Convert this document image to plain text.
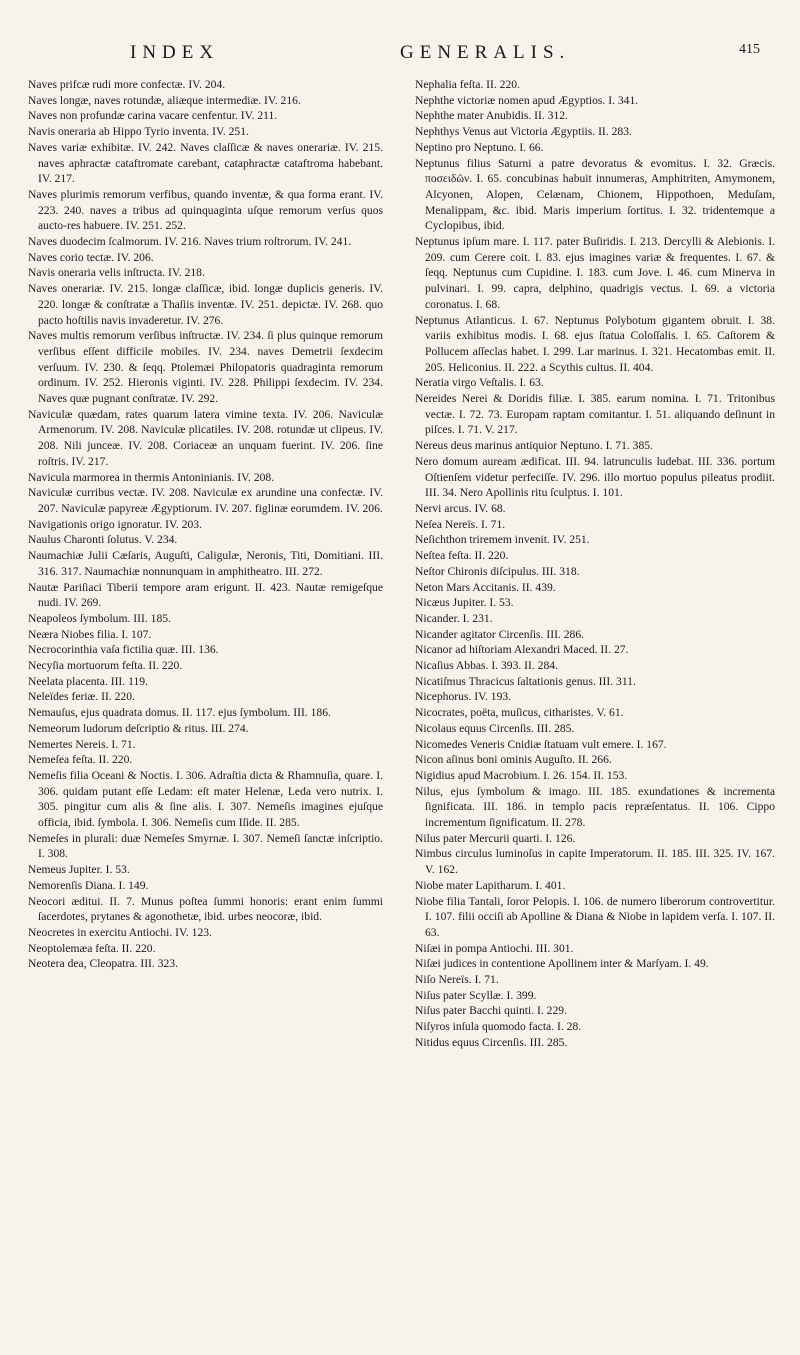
INDEX	GENERALIS.	415
Naves prifcæ rudi more confectæ. IV. 204.
Naves longæ, naves rotundæ, aliæque intermediæ. IV. 216.
Naves non profundæ carina vacare cenfentur. IV. 211.
Navis oneraria ab Hippo Tyrio inventa. IV. 251.
Naves variæ exhibitæ. IV. 242. Naves claſſicæ & naves onerariæ. IV. 215. naves aphractæ cataftromate carebant, cataphractæ cataftroma habebant. IV. 217.
Naves plurimis remorum verfibus, quando inventæ, & qua forma erant. IV. 223. 240. naves a tribus ad quinquaginta uſque remorum verſus quos aucto-res habuere. IV. 251. 252.
Naves duodecim ſcalmorum. IV. 216. Naves trium roſtrorum. IV. 241.
Naves corio tectæ. IV. 206.
Navis oneraria velis inſtructa. IV. 218.
Naves onerariæ. IV. 215. longæ claſſicæ, ibid. longæ duplicis generis. IV. 220. longæ & conſtratæ a Thaſiis inventæ. IV. 251. depictæ. IV. 268. quo pacto hoſtilis navis invaderetur. IV. 276.
Naves multis remorum verſibus inſtructæ. IV. 234. ſi plus quinque remorum verſibus eſſent difficile mobiles. IV. 234. naves Demetrii ſexdecim verſuum. IV. 230. & ſeqq. Ptolemæi Philopatoris quadraginta remorum ordinum. IV. 252. Hieronis viginti. IV. 228. Philippi ſexdecim. IV. 234. Naves quæ pugnant conſtratæ. IV. 292.
Naviculæ quædam, rates quarum latera vimine texta. IV. 206. Naviculæ Armenorum. IV. 208. Naviculæ plicatiles. IV. 208. rotundæ ut clipeus. IV. 208. Nili junceæ. IV. 208. Coriaceæ an unquam fuerint. IV. 206. ſine roſtris. IV. 217.
Navicula marmorea in thermis Antoninianis. IV. 208.
Naviculæ curribus vectæ. IV. 208. Naviculæ ex arundine una confectæ. IV. 207. Naviculæ papyreæ Ægyptiorum. IV. 207. figlinæ eorumdem. IV. 206.
Navigationis origo ignoratur. IV. 203.
Naulus Charonti ſolutus. V. 234.
Naumachiæ Julii Cæſaris, Auguſti, Caligulæ, Neronis, Titi, Domitiani. III. 316. 317. Naumachiæ nonnunquam in amphitheatro. III. 272.
Nautæ Pariſiaci Tiberii tempore aram erigunt. II. 423. Nautæ remigeſque nudi. IV. 269.
Neapoleos ſymbolum. III. 185.
Neæra Niobes filia. I. 107.
Necrocorinthia vaſa fictilia quæ. III. 136.
Necyſia mortuorum feſta. II. 220.
Neelata placenta. III. 119.
Neleïdes feriæ. II. 220.
Nemauſus, ejus quadrata domus. II. 117. ejus ſymbolum. III. 186.
Nemeorum ludorum deſcriptio & ritus. III. 274.
Nemertes Nereis. I. 71.
Nemeſea feſta. II. 220.
Nemeſis filia Oceani & Noctis. I. 306. Adraſtia dicta & Rhamnuſia, quare. I. 306. quidam putant eſſe Ledam: eſt mater Helenæ, Leda vero nutrix. I. 305. pingitur cum alis & ſine alis. I. 307. Nemeſis imagines ejuſque officia, ibid. ſymbola. I. 306. Nemeſis cum Iſide. II. 285.
Nemeſes in plurali: duæ Nemeſes Smyrnæ. I. 307. Nemeſi ſanctæ inſcriptio. I. 308.
Nemeus Jupiter. I. 53.
Nemorenſis Diana. I. 149.
Neocori æditui. II. 7. Munus poſtea ſummi honoris: erant enim ſummi ſacerdotes, prytanes & agonothetæ, ibid. urbes neocoræ, ibid.
Neocretes in exercitu Antiochi. IV. 123.
Neoptolemæa feſta. II. 220.
Neotera dea, Cleopatra. III. 323.
Nephalia feſta. II. 220.
Nephthe victoriæ nomen apud Ægyptios. I. 341.
Nephthe mater Anubidis. II. 312.
Nephthys Venus aut Victoria Ægyptiis. II. 283.
Neptino pro Neptuno. I. 66.
Neptunus filius Saturni a patre devoratus & evomitus. I. 32. Græcis. ποσειδῶν. I. 65. concubinas habuit innumeras, Amphitriten, Amymonem, Alcyonen, Alopen, Celænam, Chionem, Hippothoen, Meduſam, Menalippam, &c. ibid. Maris imperium ſortitus. I. 32. tridentemque a Cyclopibus, ibid.
Neptunus ipſum mare. I. 117. pater Buſiridis. I. 213. Dercylli & Alebionis. I. 209. cum Cerere coit. I. 83. ejus imagines variæ & frequentes. I. 67. & ſeqq. Neptunus cum Cupidine. I. 183. cum Jove. I. 46. cum Minerva in pulvinari. I. 99. capra, delphino, quadrigis vectus. I. 69. a victoria coronatus. I. 68.
Neptunus Atlanticus. I. 67. Neptunus Polybotum gigantem obruit. I. 38. variis exhibitus modis. I. 68. ejus ſtatua Coloſſalis. I. 65. Caſtorem & Pollucem aſſeclas habet. I. 299. Lar marinus. I. 321. Hecatombas emit. II. 205. Heliconius. II. 222. a Scythis cultus. II. 404.
Neratia virgo Veſtalis. I. 63.
Nereides Nerei & Doridis filiæ. I. 385. earum nomina. I. 71. Tritonibus vectæ. I. 72. 73. Europam raptam comitantur. I. 51. aliquando deſinunt in piſces. I. 71. V. 217.
Nereus deus marinus antiquior Neptuno. I. 71. 385.
Nero domum auream ædificat. III. 94. latrunculis ludebat. III. 336. portum Oſtienſem videtur perfeciſſe. IV. 296. illo mortuo populus pileatus prodiit. III. 34. Nero Apollinis ritu ſculptus. I. 101.
Nervi arcus. IV. 68.
Neſea Nereïs. I. 71.
Neſichthon triremem invenit. IV. 251.
Neſtea feſta. II. 220.
Neſtor Chironis diſcipulus. III. 318.
Neton Mars Accitanis. II. 439.
Nicæus Jupiter. I. 53.
Nicander. I. 231.
Nicander agitator Circenſis. III. 286.
Nicanor ad hiſtoriam Alexandri Maced. II. 27.
Nicaſius Abbas. I. 393. II. 284.
Nicatiſmus Thracicus ſaltationis genus. III. 311.
Nicephorus. IV. 193.
Nicocrates, poëta, muſicus, citharistes. V. 61.
Nicolaus equus Circenſis. III. 285.
Nicomedes Veneris Cnidiæ ſtatuam vult emere. I. 167.
Nicon aſinus boni ominis Auguſto. II. 266.
Nigidius apud Macrobium. I. 26. 154. II. 153.
Nilus, ejus ſymbolum & imago. III. 185. exundationes & incrementa ſignificata. III. 186. in templo pacis repræſentatus. II. 106. Cippo incrementum ſignificatum. II. 278.
Nilus pater Mercurii quarti. I. 126.
Nimbus circulus luminoſus in capite Imperatorum. II. 185. III. 325. IV. 167. V. 162.
Niobe mater Lapitharum. I. 401.
Niobe filia Tantali, ſoror Pelopis. I. 106. de numero liberorum controvertitur. I. 107. filii occiſi ab Apolline & Diana & Niobe in lapidem verſa. I. 107. II. 63.
Niſæi in pompa Antiochi. III. 301.
Niſæi judices in contentione Apollinem inter & Marſyam. I. 49.
Niſo Nereïs. I. 71.
Niſus pater Scyllæ. I. 399.
Niſus pater Bacchi quinti. I. 229.
Niſyros inſula quomodo facta. I. 28.
Nitidus equus Circenſis. III. 285.
